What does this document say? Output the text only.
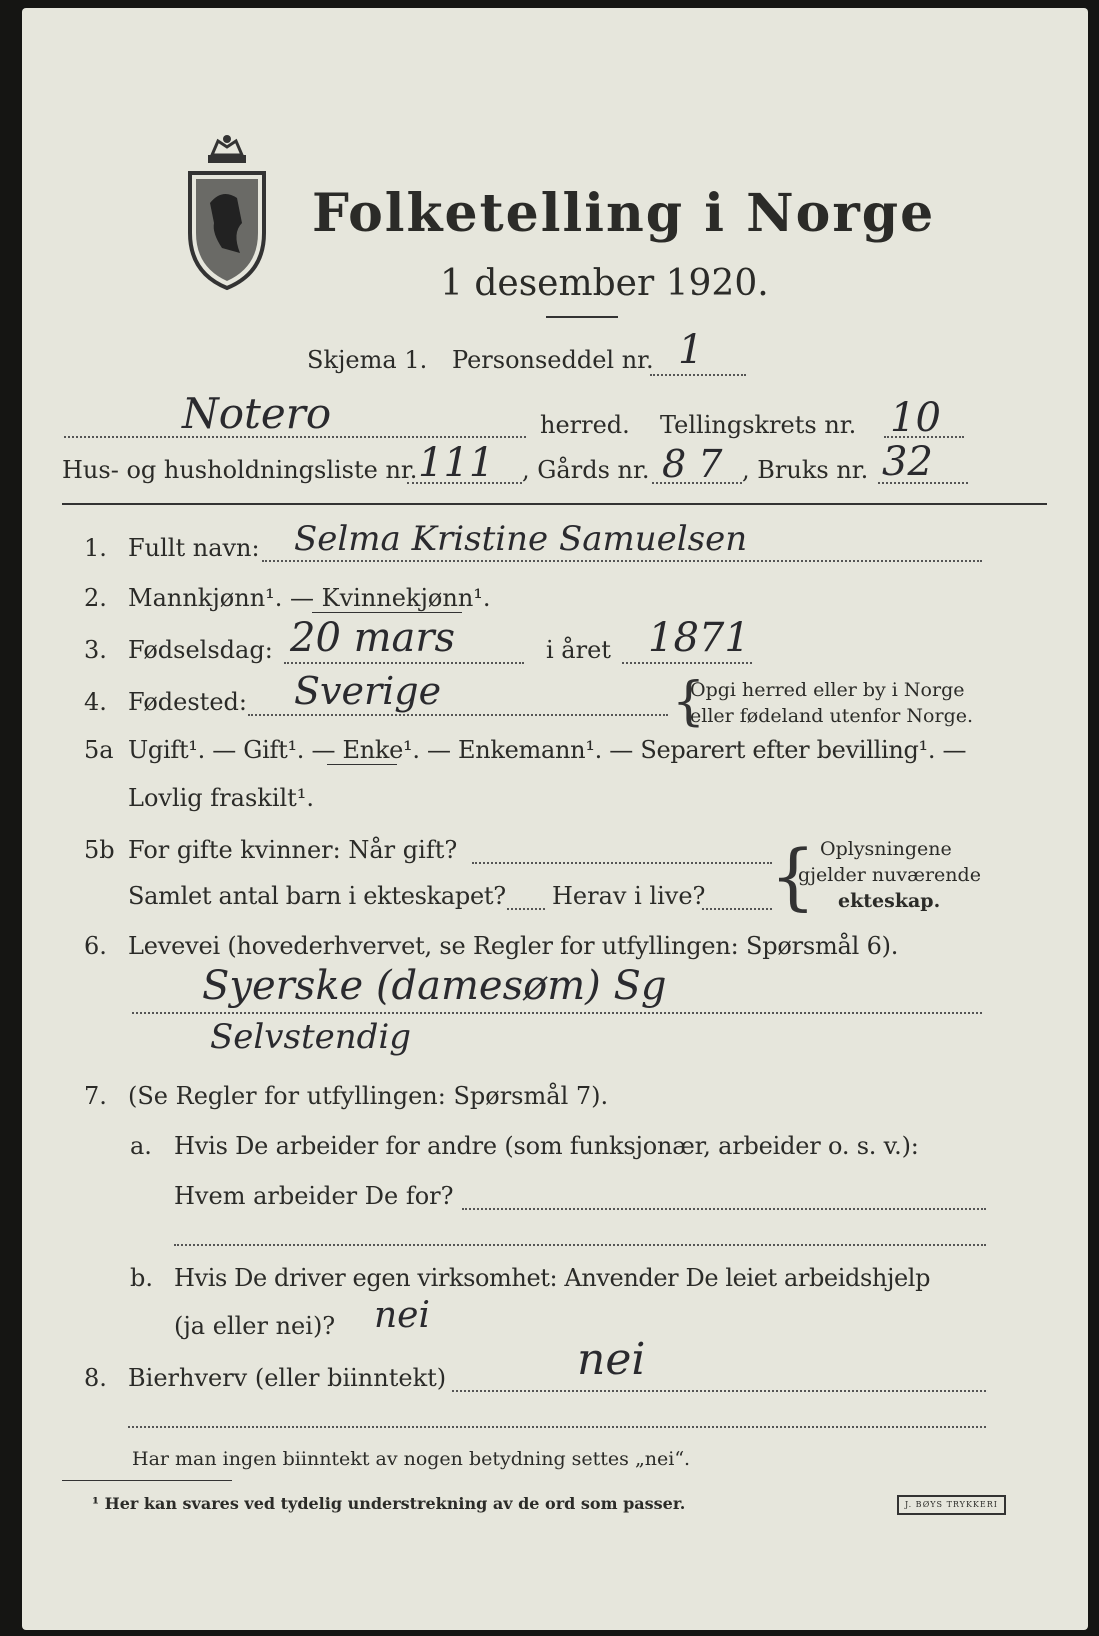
Folketelling i Norge
1 desember 1920.
Skjema 1. Personseddel nr. 1
Notero	herred. Tellingskrets nr. 10
Hus- og husholdningsliste nr. 111 , Gårds nr. 8 7 , Bruks nr. 32
1. Fullt navn: Selma Kristine Samuelsen
2. Mannkjønn¹. — Kvinnekjønn¹.
3. Fødselsdag: 20 mars	i året 1871
4. Fødested: Sverige	{
Opgi herred eller by i Norge
eller fødeland utenfor Norge.
5a Ugift¹. — Gift¹. — Enke¹. — Enkemann¹. — Separert efter bevilling¹. —
Lovlig fraskilt¹.
5b For gifte kvinner: Når gift?
Samlet antal barn i ekteskapet? Herav i live? { Oplysningene
gjelder nuværende
ekteskap.
6. Levevei (hovederhvervet, se Regler for utfyllingen: Spørsmål 6).
Syerske (damesøm) Sg
Selvstendig
7. (Se Regler for utfyllingen: Spørsmål 7).
a. Hvis De arbeider for andre (som funksjonær, arbeider o. s. v.):
Hvem arbeider De for?
b. Hvis De driver egen virksomhet: Anvender De leiet arbeidshjelp
(ja eller nei)? nei
8. Bierhverv (eller biinntekt)	nei
Har man ingen biinntekt av nogen betydning settes „nei“.
¹ Her kan svares ved tydelig understrekning av de ord som passer.	J. BØYS TRYKKERI
